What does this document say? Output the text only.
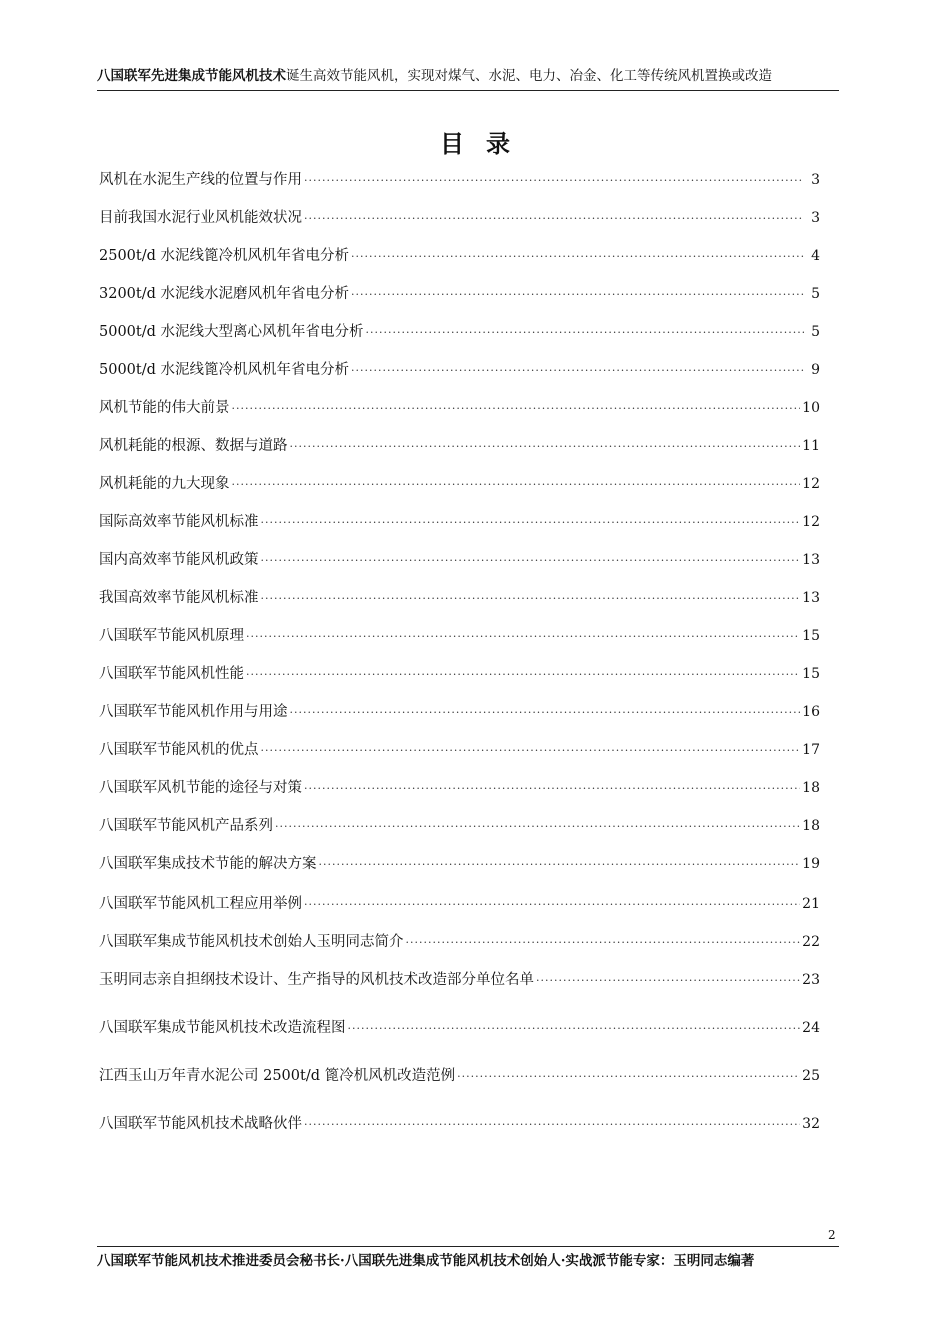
八国联军先进集成节能风机技术诞生高效节能风机，实现对煤气、水泥、电力、冶金、化工等传统风机置换或改造
目录
风机在水泥生产线的位置与作用 ·····	3
目前我国水泥行业风机能效状况 ·····	3
2500t/d 水泥线篦冷机风机年省电分析 ·····	4
3200t/d 水泥线水泥磨风机年省电分析 ·····	5
5000t/d 水泥线大型离心风机年省电分析 ·····	5
5000t/d 水泥线篦冷机风机年省电分析 ·····	9
风机节能的伟大前景 ·····	10
风机耗能的根源、数据与道路 ·····	11
风机耗能的九大现象 ·····	12
国际高效率节能风机标准 ·····	12
国内高效率节能风机政策 ·····	13
我国高效率节能风机标准 ·····	13
八国联军节能风机原理 ·····	15
八国联军节能风机性能 ·····	15
八国联军节能风机作用与用途 ·····	16
八国联军节能风机的优点 ·····	17
八国联军风机节能的途径与对策 ·····	18
八国联军节能风机产品系列 ·····	18
八国联军集成技术节能的解决方案 ·····	19
八国联军节能风机工程应用举例 ·····	21
八国联军集成节能风机技术创始人玉明同志简介 ·····	22
玉明同志亲自担纲技术设计、生产指导的风机技术改造部分单位名单 ·····	23
八国联军集成节能风机技术改造流程图 ·····	24
江西玉山万年青水泥公司 2500t/d 篦冷机风机改造范例 ·····	25
八国联军节能风机技术战略伙伴 ·····	32
2
八国联军节能风机技术推进委员会秘书长·八国联先进集成节能风机技术创始人·实战派节能专家：玉明同志编著
